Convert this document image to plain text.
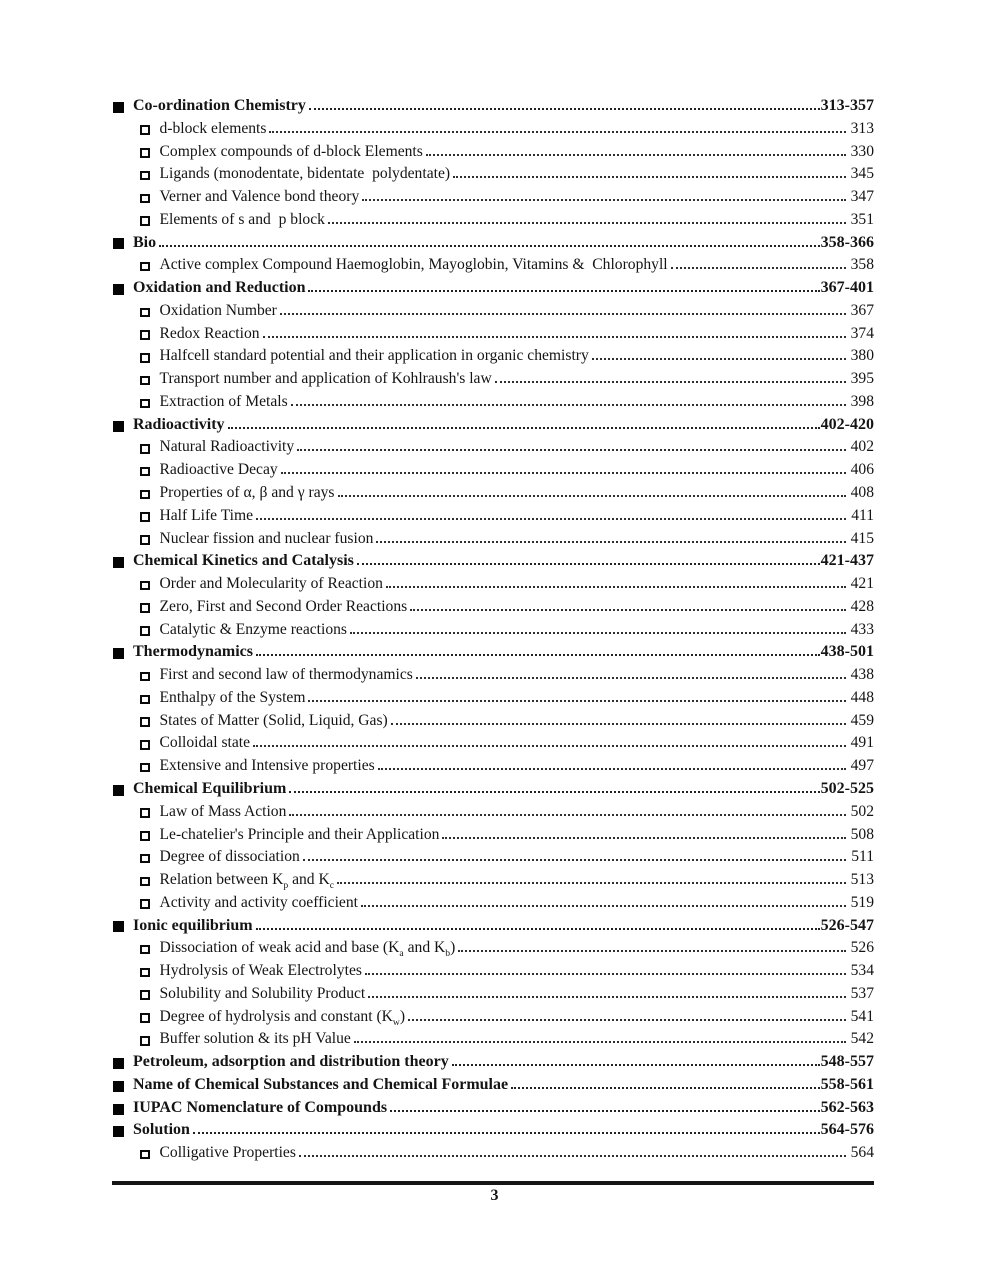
Co-ordination Chemistry	313-357
d-block elements	313
Complex compounds of d-block Elements	330
Ligands (monodentate, bidentate  polydentate)	345
Verner and Valence bond theory	347
Elements of s and  p block	351
Bio	358-366
Active complex Compound Haemoglobin, Mayoglobin, Vitamins &  Chlorophyll	358
Oxidation and Reduction	367-401
Oxidation Number	367
Redox Reaction	374
Halfcell standard potential and their application in organic chemistry	380
Transport number and application of Kohlraush's law	395
Extraction of Metals	398
Radioactivity	402-420
Natural Radioactivity	402
Radioactive Decay	406
Properties of α, β and γ rays	408
Half Life Time	411
Nuclear fission and nuclear fusion	415
Chemical Kinetics and Catalysis	421-437
Order and Molecularity of Reaction	421
Zero, First and Second Order Reactions	428
Catalytic & Enzyme reactions	433
Thermodynamics	438-501
First and second law of thermodynamics	438
Enthalpy of the System	448
States of Matter (Solid, Liquid, Gas)	459
Colloidal state	491
Extensive and Intensive properties	497
Chemical Equilibrium	502-525
Law of Mass Action	502
Le-chatelier's Principle and their Application	508
Degree of dissociation	511
Relation between $K_p$ and $K_c$	513
Activity and activity coefficient	519
Ionic equilibrium	526-547
Dissociation of weak acid and base ($K_a$ and $K_b$)	526
Hydrolysis of Weak Electrolytes	534
Solubility and Solubility Product	537
Degree of hydrolysis and constant $(K_w)$	541
Buffer solution & its pH Value	542
Petroleum, adsorption and distribution theory	548-557
Name of Chemical Substances and Chemical Formulae	558-561
IUPAC Nomenclature of Compounds	562-563
Solution	564-576
Colligative Properties	564
3
